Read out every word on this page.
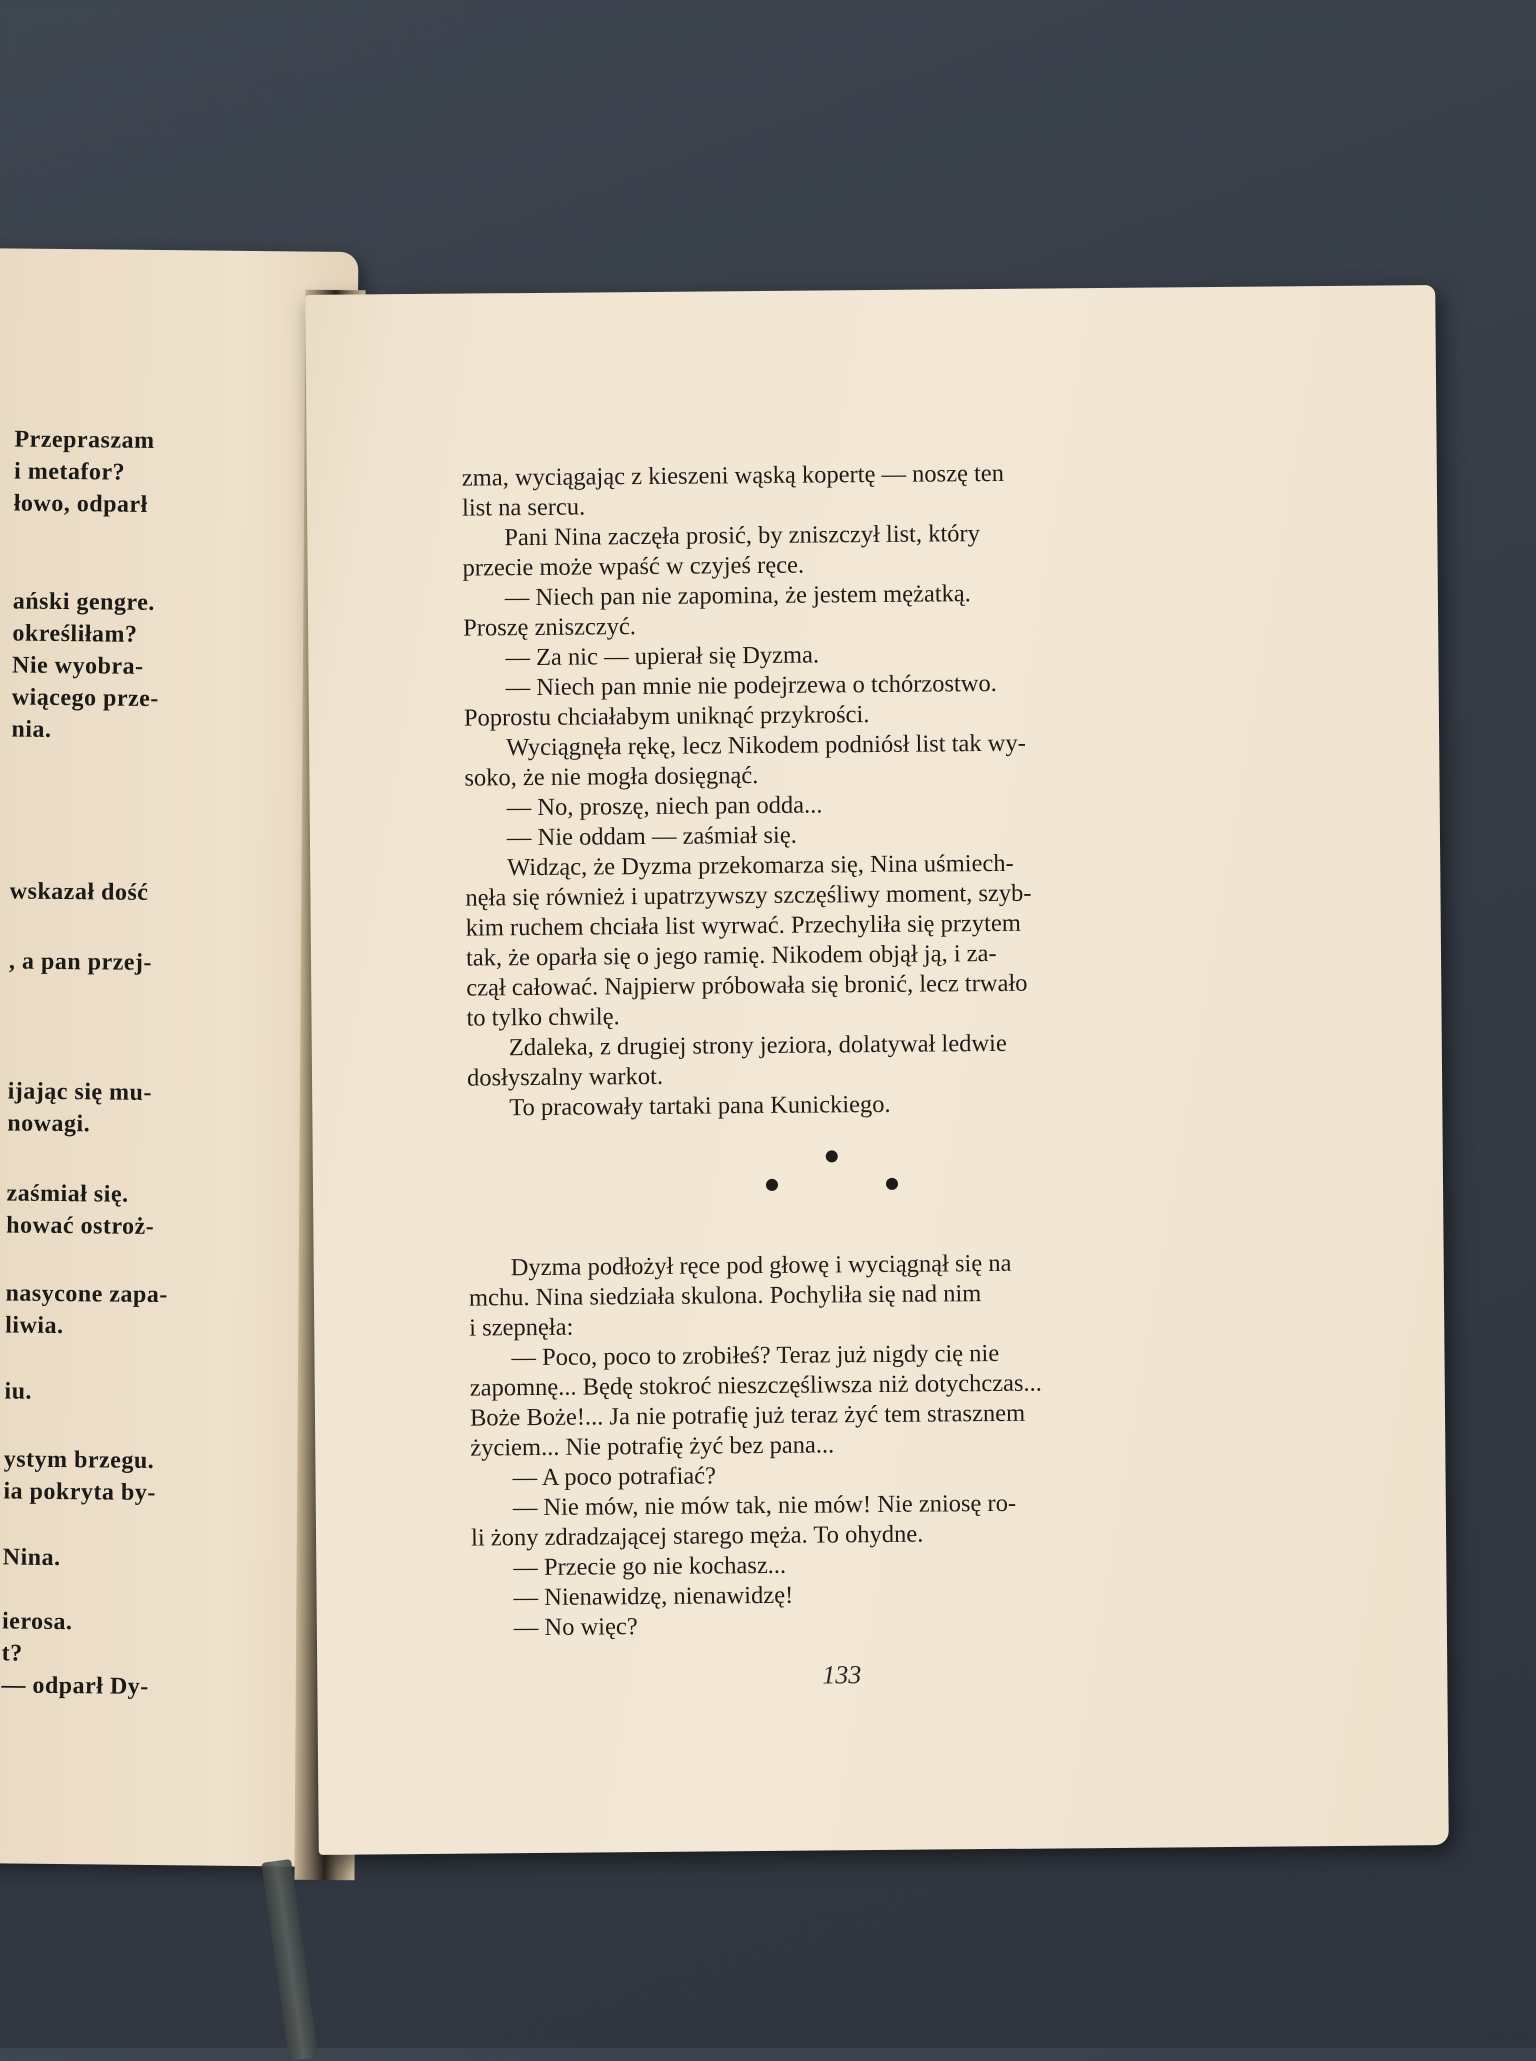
Przepraszam
i metafor?
łowo, odparł
ański gengre.
określiłam?
Nie wyobra-
wiącego prze-
nia.
wskazał dość
, a pan przej-
ijając się mu-
nowagi.
zaśmiał się.
hować ostroż-
nasycone zapa-
liwia.
iu.
ystym brzegu.
ia pokryta by-
Nina.
ierosa.
t?
— odparł Dy-
zma, wyciągając z kieszeni wąską kopertę — noszę ten
list na sercu.
Pani Nina zaczęła prosić, by zniszczył list, który
przecie może wpaść w czyjeś ręce.
— Niech pan nie zapomina, że jestem mężatką.
Proszę zniszczyć.
— Za nic — upierał się Dyzma.
— Niech pan mnie nie podejrzewa o tchórzostwo.
Poprostu chciałabym uniknąć przykrości.
Wyciągnęła rękę, lecz Nikodem podniósł list tak wy-
soko, że nie mogła dosięgnąć.
— No, proszę, niech pan odda...
— Nie oddam — zaśmiał się.
Widząc, że Dyzma przekomarza się, Nina uśmiech-
nęła się również i upatrzywszy szczęśliwy moment, szyb-
kim ruchem chciała list wyrwać. Przechyliła się przytem
tak, że oparła się o jego ramię. Nikodem objął ją, i za-
czął całować. Najpierw próbowała się bronić, lecz trwało
to tylko chwilę.
Zdaleka, z drugiej strony jeziora, dolatywał ledwie
dosłyszalny warkot.
To pracowały tartaki pana Kunickiego.
Dyzma podłożył ręce pod głowę i wyciągnął się na
mchu. Nina siedziała skulona. Pochyliła się nad nim
i szepnęła:
— Poco, poco to zrobiłeś? Teraz już nigdy cię nie
zapomnę... Będę stokroć nieszczęśliwsza niż dotychczas...
Boże Boże!... Ja nie potrafię już teraz żyć tem strasznem
życiem... Nie potrafię żyć bez pana...
— A poco potrafiać?
— Nie mów, nie mów tak, nie mów! Nie zniosę ro-
li żony zdradzającej starego męża. To ohydne.
— Przecie go nie kochasz...
— Nienawidzę, nienawidzę!
— No więc?
133
